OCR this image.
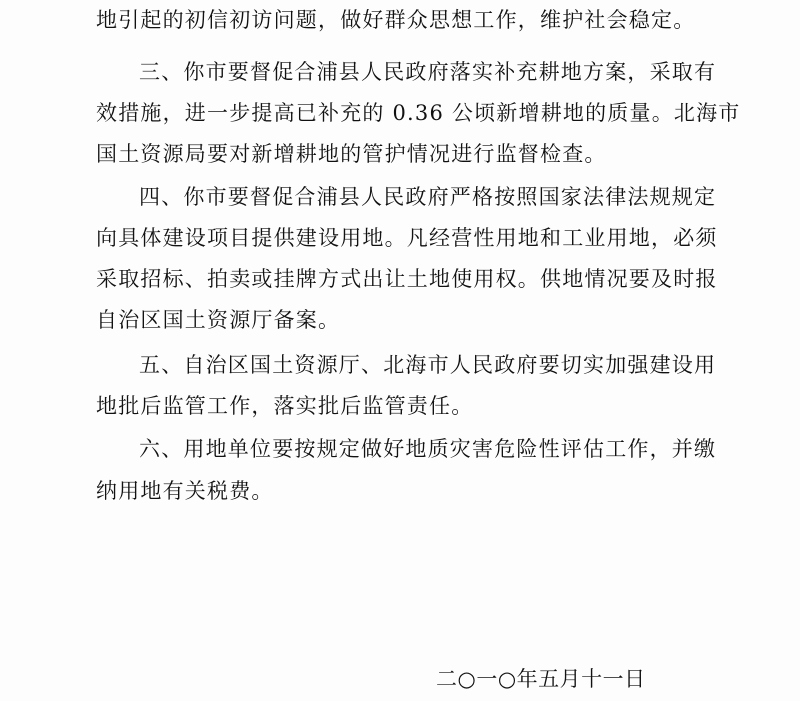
地引起的初信初访问题，做好群众思想工作，维护社会稳定。
三、你市要督促合浦县人民政府落实补充耕地方案，采取有
效措施，进一步提高已补充的 0.36 公顷新增耕地的质量。北海市
国土资源局要对新增耕地的管护情况进行监督检查。
四、你市要督促合浦县人民政府严格按照国家法律法规规定
向具体建设项目提供建设用地。凡经营性用地和工业用地，必须
采取招标、拍卖或挂牌方式出让土地使用权。供地情况要及时报
自治区国土资源厅备案。
五、自治区国土资源厅、北海市人民政府要切实加强建设用
地批后监管工作，落实批后监管责任。
六、用地单位要按规定做好地质灾害危险性评估工作，并缴
纳用地有关税费。
二○一○年五月十一日
